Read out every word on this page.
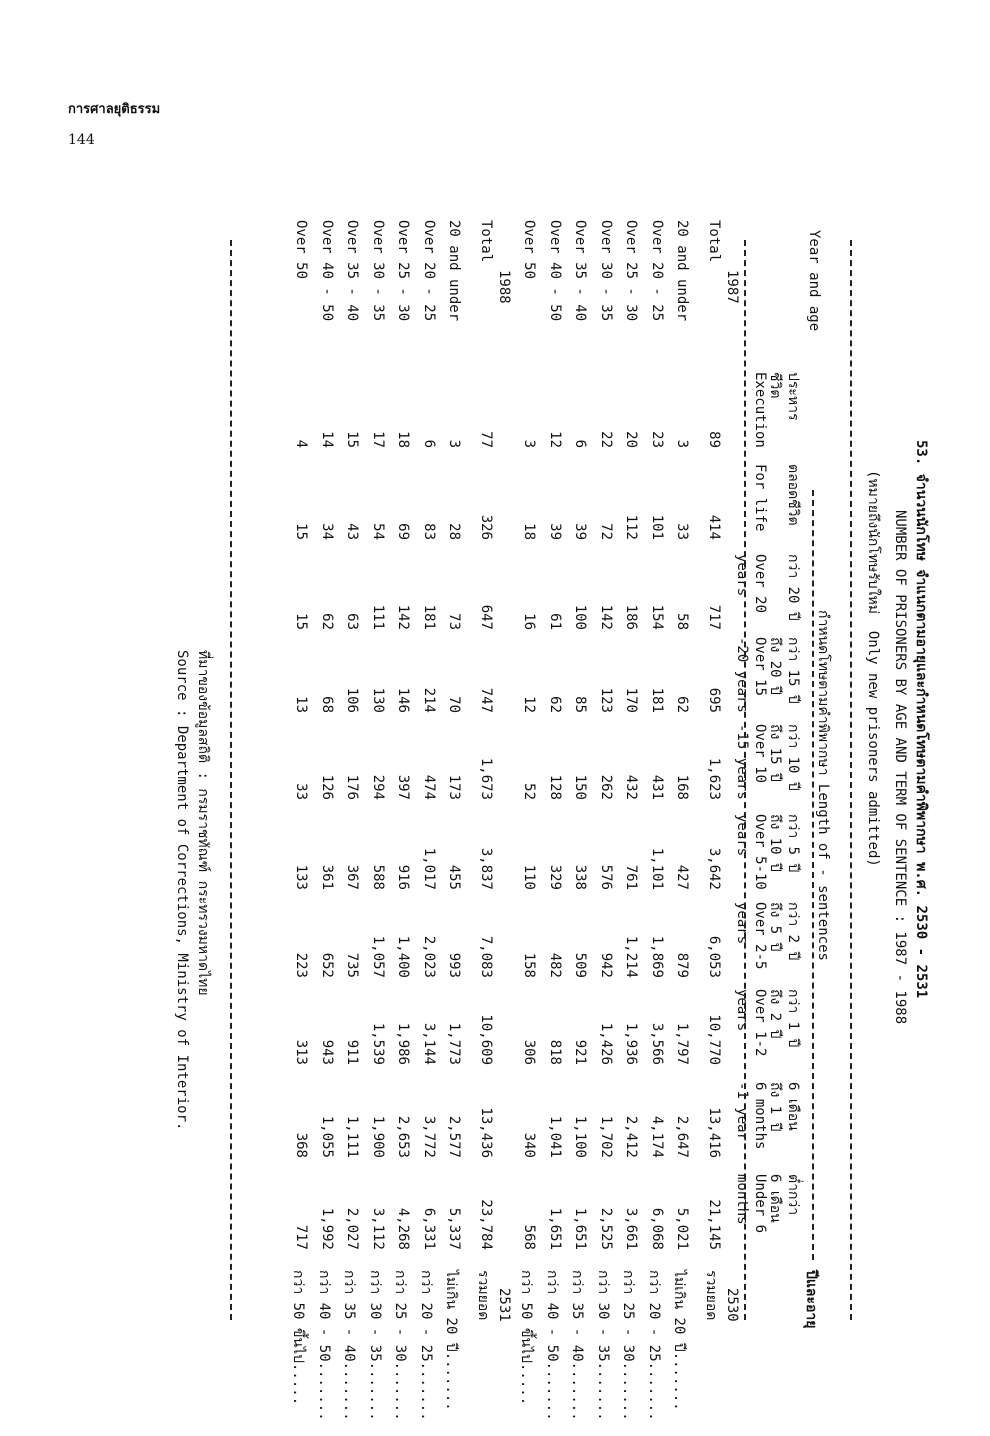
การศาลยุติธรรม
144
53. จำนวนนักโทษ จำแนกตามอายุและกำหนดโทษตามคำพิพากษา พ.ศ. 2530 - 2531
NUMBER OF PRISONERS BY AGE AND TERM OF SENTENCE : 1987 - 1988
(หมายถึงนักโทษรับใหม่  Only new prisoners admitted)
ปีและอายุ
Year and age
กำหนดโทษตามคำพิพากษา Length of - sentences
ต่ำกว่า
6 เดือน
Under 6
months
6 เดือน
ถึง 1 ปี
6 months
-1 year
กว่า 1 ปี
ถึง 2 ปี
Over 1-2
years
กว่า 2 ปี
ถึง 5 ปี
Over 2-5
years
กว่า 5 ปี
ถึง 10 ปี
Over 5-10
years
กว่า 10 ปี
ถึง 15 ปี
Over 10
-15 years
กว่า 15 ปี
ถึง 20 ปี
Over 15
-20 years
กว่า 20 ปี
Over 20
years
ตลอดชีวิต
For life
ประหาร
ชีวิต
Execution
2530
1987
รวมยอด
Total
21,145
13,416
10,770
6,053
3,642
1,623
695
717
414
89
ไม่เกิน 20 ปี.......
20 and under
5,021
2,647
1,797
879
427
168
62
58
33
3
กว่า 20 - 25.......
Over 20 - 25
6,068
4,174
3,566
1,869
1,101
431
181
154
101
23
กว่า 25 - 30.......
Over 25 - 30
3,661
2,412
1,936
1,214
761
432
170
186
112
20
กว่า 30 - 35.......
Over 30 - 35
2,525
1,702
1,426
942
576
262
123
142
72
22
กว่า 35 - 40.......
Over 35 - 40
1,651
1,100
921
509
338
150
85
100
39
6
กว่า 40 - 50.......
Over 40 - 50
1,651
1,041
818
482
329
128
62
61
39
12
กว่า 50 ขึ้นไป.....
Over 50
568
340
306
158
110
52
12
16
18
3
2531
1988
รวมยอด
Total
23,784
13,436
10,609
7,083
3,837
1,673
747
647
326
77
ไม่เกิน 20 ปี.......
20 and under
5,337
2,577
1,773
993
455
173
70
73
28
3
กว่า 20 - 25.......
Over 20 - 25
6,331
3,772
3,144
2,023
1,017
474
214
181
83
6
กว่า 25 - 30.......
Over 25 - 30
4,268
2,653
1,986
1,400
916
397
146
142
69
18
กว่า 30 - 35.......
Over 30 - 35
3,112
1,900
1,539
1,057
588
294
130
111
54
17
กว่า 35 - 40.......
Over 35 - 40
2,027
1,111
911
735
367
176
106
63
43
15
กว่า 40 - 50.......
Over 40 - 50
1,992
1,055
943
652
361
126
68
62
34
14
กว่า 50 ขึ้นไป.....
Over 50
717
368
313
223
133
33
13
15
15
4
ที่มาของข้อมูลสถิติ : กรมราชทัณฑ์ กระทรวงมหาดไทย
Source : Department of Corrections, Ministry of Interior.
